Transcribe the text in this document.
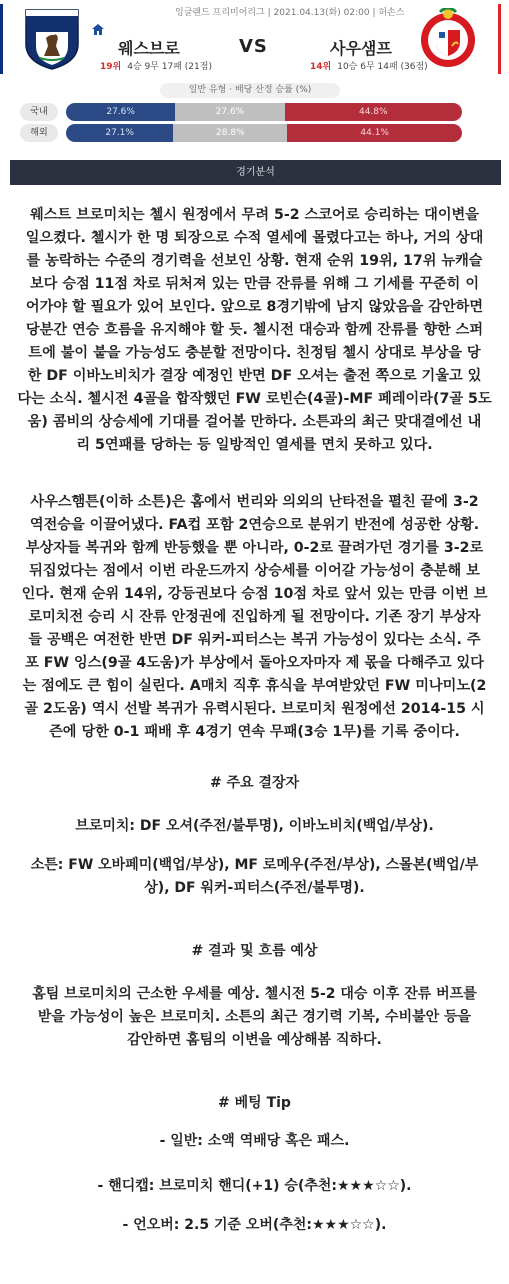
잉글랜드 프리미어리그 | 2021.04.13(화) 02:00 | 허손스
웨스브로	VS	사우샘프
19위 4승 9무 17패 (21점)	14위 10승 6무 14패 (36점)
일반 유형 · 배당 산정 승률 (%)
국내	27.6%	27.6%	44.8%
해외	27.1%	28.8%	44.1%
경기분석
웨스트 브로미치는 첼시 원정에서 무려 5-2 스코어로 승리하는 대이변을
일으켰다. 첼시가 한 명 퇴장으로 수적 열세에 몰렸다고는 하나, 거의 상대
를 농락하는 수준의 경기력을 선보인 상황. 현재 순위 19위, 17위 뉴캐슬
보다 승점 11점 차로 뒤처져 있는 만큼 잔류를 위해 그 기세를 꾸준히 이
어가야 할 필요가 있어 보인다. 앞으로 8경기밖에 남지 않았음을 감안하면
당분간 연승 흐름을 유지해야 할 듯. 첼시전 대승과 함께 잔류를 향한 스퍼
트에 불이 붙을 가능성도 충분할 전망이다. 친정팀 첼시 상대로 부상을 당
한 DF 이바노비치가 결장 예정인 반면 DF 오셔는 출전 쪽으로 기울고 있
다는 소식. 첼시전 4골을 합작했던 FW 로빈슨(4골)-MF 페레이라(7골 5도
움) 콤비의 상승세에 기대를 걸어볼 만하다. 소튼과의 최근 맞대결에선 내
리 5연패를 당하는 등 일방적인 열세를 면치 못하고 있다.
사우스햄튼(이하 소튼)은 홈에서 번리와 의외의 난타전을 펼친 끝에 3-2
역전승을 이끌어냈다. FA컵 포함 2연승으로 분위기 반전에 성공한 상황.
부상자들 복귀와 함께 반등했을 뿐 아니라, 0-2로 끌려가던 경기를 3-2로
뒤집었다는 점에서 이번 라운드까지 상승세를 이어갈 가능성이 충분해 보
인다. 현재 순위 14위, 강등권보다 승점 10점 차로 앞서 있는 만큼 이번 브
로미치전 승리 시 잔류 안정권에 진입하게 될 전망이다. 기존 장기 부상자
들 공백은 여전한 반면 DF 워커-피터스는 복귀 가능성이 있다는 소식. 주
포 FW 잉스(9골 4도움)가 부상에서 돌아오자마자 제 몫을 다해주고 있다
는 점에도 큰 힘이 실린다. A매치 직후 휴식을 부여받았던 FW 미나미노(2
골 2도움) 역시 선발 복귀가 유력시된다. 브로미치 원정에선 2014-15 시
즌에 당한 0-1 패배 후 4경기 연속 무패(3승 1무)를 기록 중이다.
# 주요 결장자
브로미치: DF 오셔(주전/불투명), 이바노비치(백업/부상).
소튼: FW 오바페미(백업/부상), MF 로메우(주전/부상), 스몰본(백업/부
상), DF 워커-피터스(주전/불투명).
# 결과 및 흐름 예상
홈팀 브로미치의 근소한 우세를 예상. 첼시전 5-2 대승 이후 잔류 버프를
받을 가능성이 높은 브로미치. 소튼의 최근 경기력 기복, 수비불안 등을
감안하면 홈팀의 이변을 예상해봄 직하다.
# 베팅 Tip
- 일반: 소액 역배당 혹은 패스.
- 핸디캡: 브로미치 핸디(+1) 승(추천:★★★☆☆).
- 언오버: 2.5 기준 오버(추천:★★★☆☆).
